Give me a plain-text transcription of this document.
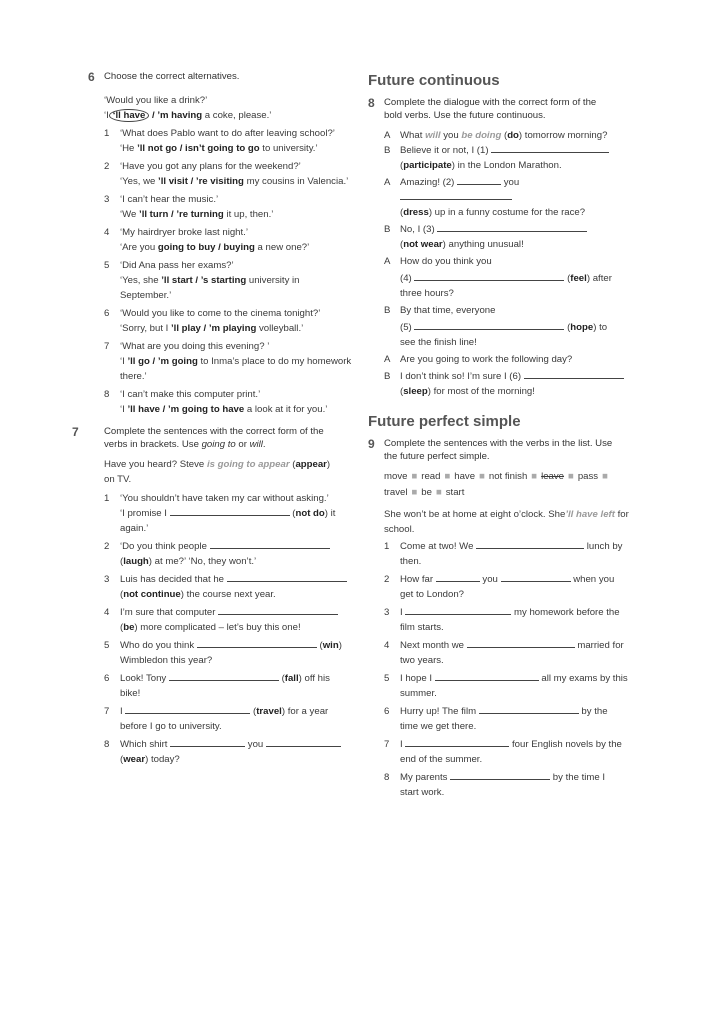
6 Choose the correct alternatives.
‘Would you like a drink?’
‘I ‘ll have / ’m having a coke, please.’
1	‘What does Pablo want to do after leaving school?’
‘He ’ll not go / isn’t going to go to university.’
2	‘Have you got any plans for the weekend?’
‘Yes, we ’ll visit / ’re visiting my cousins in Valencia.’
3	‘I can’t hear the music.’
‘We ’ll turn / ’re turning it up, then.’
4	‘My hairdryer broke last night.’
‘Are you going to buy / buying a new one?’
5	‘Did Ana pass her exams?’
‘Yes, she ’ll start / ’s starting university in
September.’
6	‘Would you like to come to the cinema tonight?’
‘Sorry, but I ’ll play / ’m playing volleyball.’
7	‘What are you doing this evening? ’
‘I ’ll go / ’m going to Inma’s place to do my homework
there.’
8	‘I can’t make this computer print.’
‘I ’ll have / ’m going to have a look at it for you.’
7	Complete the sentences with the correct form of the
verbs in brackets. Use going to or will.
Have you heard? Steve is going to appear (appear)
on TV.
1	‘You shouldn’t have taken my car without asking.’
‘I promise I	(not do) it
again.’
2	‘Do you think people
(laugh) at me?’ ‘No, they won’t.’
3	Luis has decided that he
(not continue) the course next year.
4	I’m sure that computer
(be) more complicated – let’s buy this one!
5	Who do you think	(win)
Wimbledon this year?
6	Look! Tony	(fall) off his
bike!
7	I	(travel) for a year
before I go to university.
8	Which shirt	you
(wear) today?
Future continuous
8 Complete the dialogue with the correct form of the
bold verbs. Use the future continuous.
A What will you be doing (do) tomorrow morning?
B Believe it or not, I (1)
(participate) in the London Marathon.
A Amazing! (2)	you
(dress) up in a funny costume for the race?
B No, I (3)
(not wear) anything unusual!
A How do you think you
(4)	(feel) after
three hours?
B By that time, everyone
(5)	(hope) to
see the finish line!
A Are you going to work the following day?
B I don’t think so! I’m sure I (6)
(sleep) for most of the morning!
Future perfect simple
9 Complete the sentences with the verbs in the list. Use
the future perfect simple.
move ■ read ■ have ■ not finish ■ leave ■ pass ■
travel ■ be ■ start
She won’t be at home at eight o’clock. She’ll have left for
school.
1	Come at two! We	lunch by
then.
2	How far	you	when you
get to London?
3	I	my homework before the
film starts.
4	Next month we	married for
two years.
5	I hope I	all my exams by this
summer.
6	Hurry up! The film	by the
time we get there.
7	I	four English novels by the
end of the summer.
8	My parents	by the time I
start work.
